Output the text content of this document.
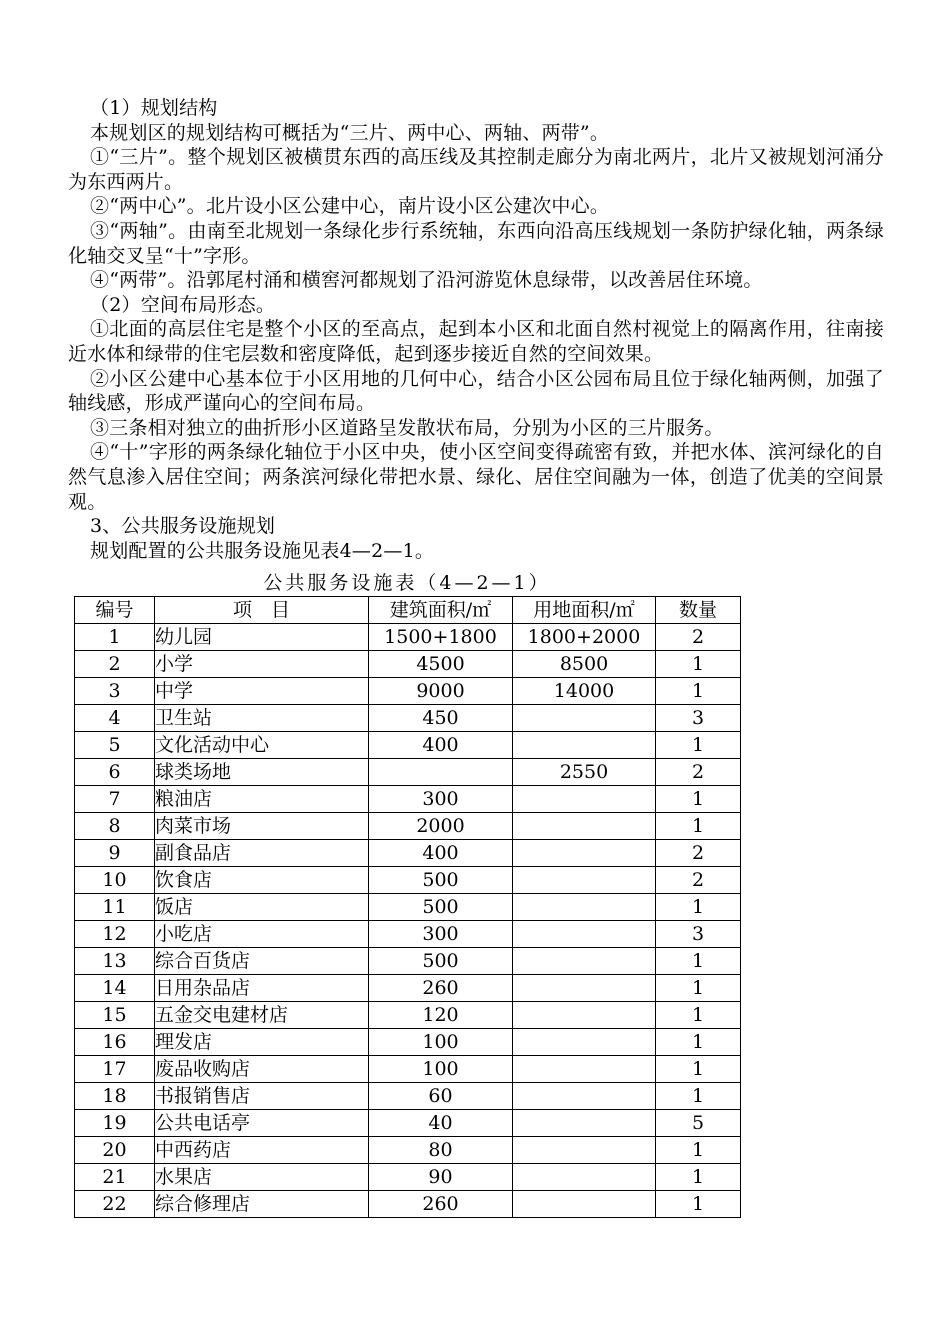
（1）规划结构

本规划区的规划结构可概括为“三片、两中心、两轴、两带”。

①“三片”。整个规划区被横贯东西的高压线及其控制走廊分为南北两片，北片又被规划河涌分为东西两片。

②“两中心”。北片设小区公建中心，南片设小区公建次中心。

③“两轴”。由南至北规划一条绿化步行系统轴，东西向沿高压线规划一条防护绿化轴，两条绿化轴交叉呈“十”字形。

④“两带”。沿郭尾村涌和横窖河都规划了沿河游览休息绿带，以改善居住环境。

（2）空间布局形态。

①北面的高层住宅是整个小区的至高点，起到本小区和北面自然村视觉上的隔离作用，往南接近水体和绿带的住宅层数和密度降低，起到逐步接近自然的空间效果。

②小区公建中心基本位于小区用地的几何中心，结合小区公园布局且位于绿化轴两侧，加强了轴线感，形成严谨向心的空间布局。

③三条相对独立的曲折形小区道路呈发散状布局，分别为小区的三片服务。

④“十”字形的两条绿化轴位于小区中央，使小区空间变得疏密有致，并把水体、滨河绿化的自然气息渗入居住空间；两条滨河绿化带把水景、绿化、居住空间融为一体，创造了优美的空间景观。

3、公共服务设施规划

规划配置的公共服务设施见表4—2—1。

公共服务设施表（4—2—1）
编号	项　目	建筑面积/㎡	用地面积/㎡	数量
1	幼儿园	1500+1800	1800+2000	2
2	小学	4500	8500	1
3	中学	9000	14000	1
4	卫生站	450		3
5	文化活动中心	400		1
6	球类场地		2550	2
7	粮油店	300		1
8	肉菜市场	2000		1
9	副食品店	400		2
10	饮食店	500		2
11	饭店	500		1
12	小吃店	300		3
13	综合百货店	500		1
14	日用杂品店	260		1
15	五金交电建材店	120		1
16	理发店	100		1
17	废品收购店	100		1
18	书报销售店	60		1
19	公共电话亭	40		5
20	中西药店	80		1
21	水果店	90		1
22	综合修理店	260		1
